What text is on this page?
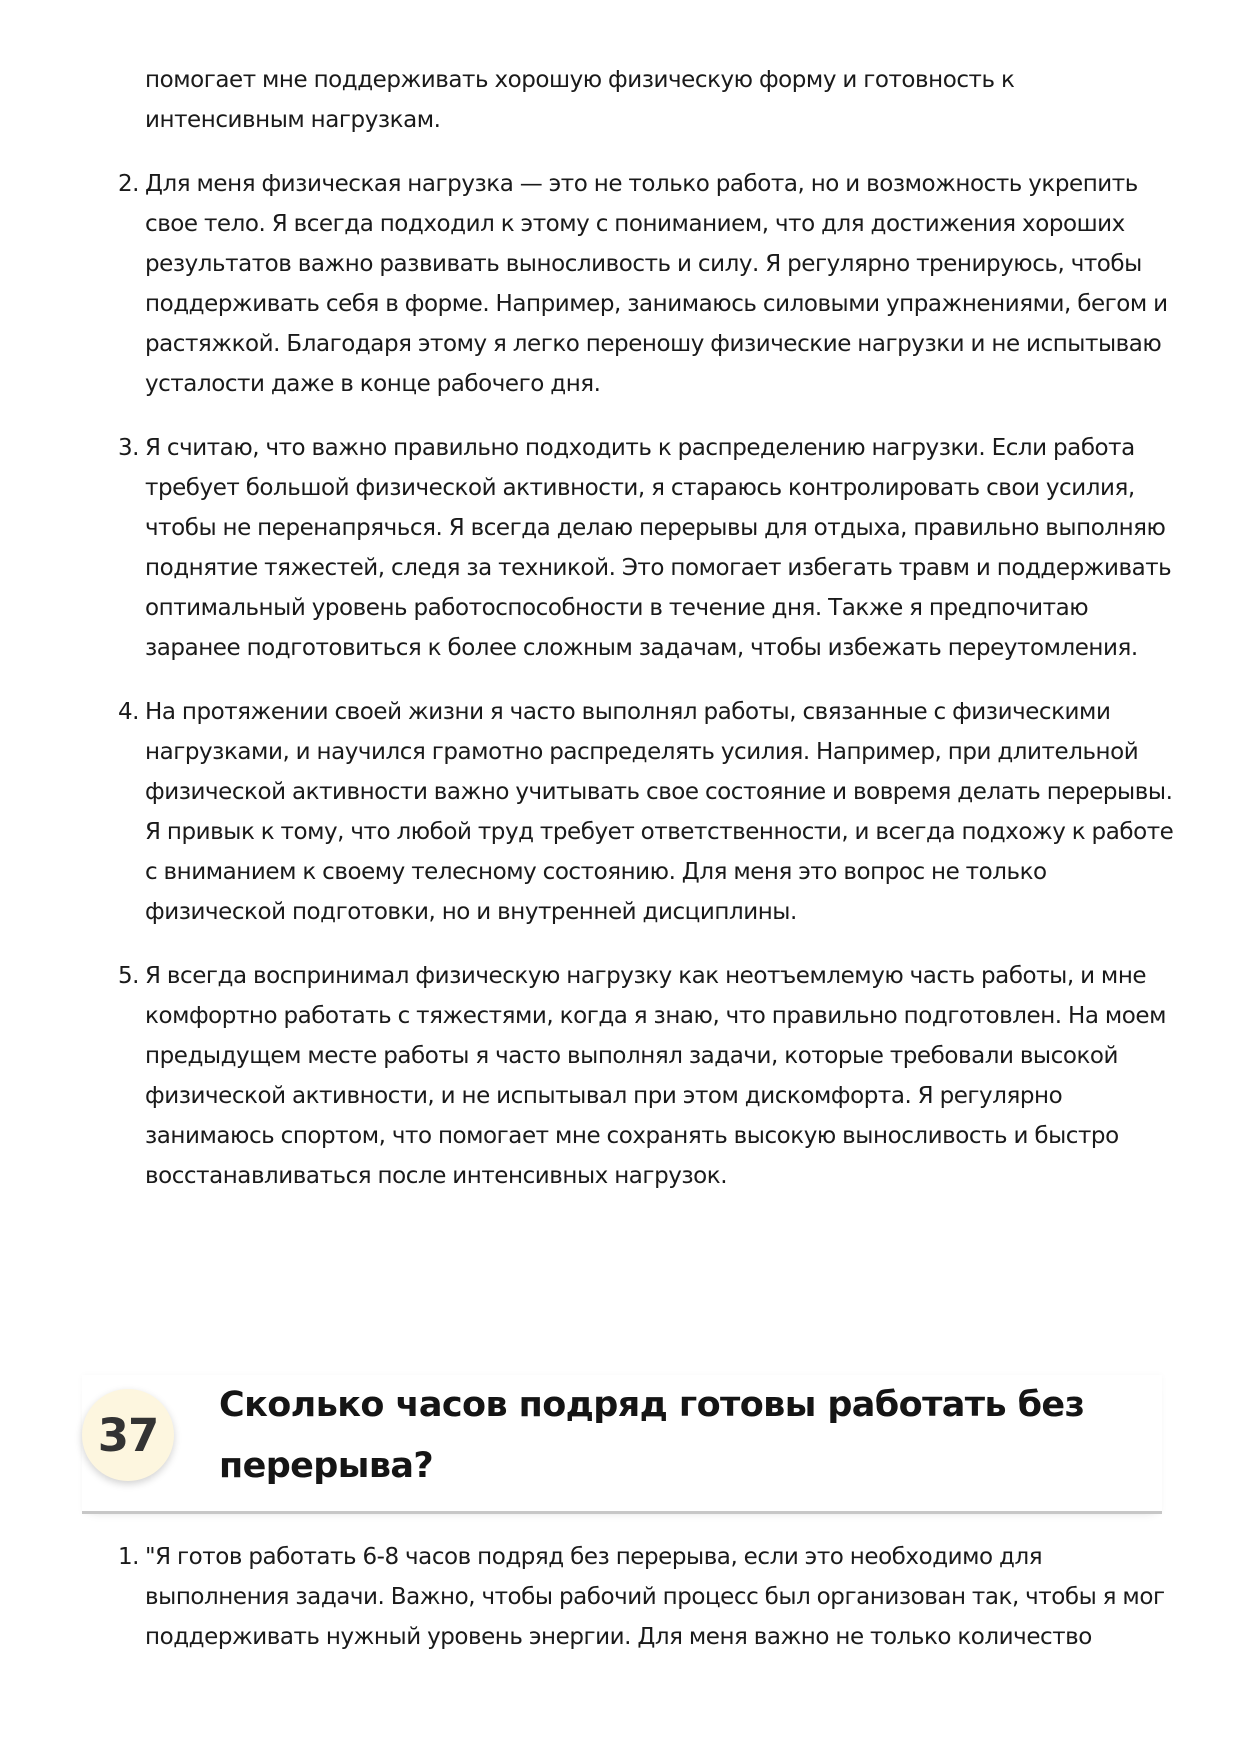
помогает мне поддерживать хорошую физическую форму и готовность к
интенсивным нагрузкам.
2. Для меня физическая нагрузка — это не только работа, но и возможность укрепить
свое тело. Я всегда подходил к этому с пониманием, что для достижения хороших
результатов важно развивать выносливость и силу. Я регулярно тренируюсь, чтобы
поддерживать себя в форме. Например, занимаюсь силовыми упражнениями, бегом и
растяжкой. Благодаря этому я легко переношу физические нагрузки и не испытываю
усталости даже в конце рабочего дня.
3. Я считаю, что важно правильно подходить к распределению нагрузки. Если работа
требует большой физической активности, я стараюсь контролировать свои усилия,
чтобы не перенапрячься. Я всегда делаю перерывы для отдыха, правильно выполняю
поднятие тяжестей, следя за техникой. Это помогает избегать травм и поддерживать
оптимальный уровень работоспособности в течение дня. Также я предпочитаю
заранее подготовиться к более сложным задачам, чтобы избежать переутомления.
4. На протяжении своей жизни я часто выполнял работы, связанные с физическими
нагрузками, и научился грамотно распределять усилия. Например, при длительной
физической активности важно учитывать свое состояние и вовремя делать перерывы.
Я привык к тому, что любой труд требует ответственности, и всегда подхожу к работе
с вниманием к своему телесному состоянию. Для меня это вопрос не только
физической подготовки, но и внутренней дисциплины.
5. Я всегда воспринимал физическую нагрузку как неотъемлемую часть работы, и мне
комфортно работать с тяжестями, когда я знаю, что правильно подготовлен. На моем
предыдущем месте работы я часто выполнял задачи, которые требовали высокой
физической активности, и не испытывал при этом дискомфорта. Я регулярно
занимаюсь спортом, что помогает мне сохранять высокую выносливость и быстро
восстанавливаться после интенсивных нагрузок.
37
Сколько часов подряд готовы работать без
перерыва?
1. "Я готов работать 6-8 часов подряд без перерыва, если это необходимо для
выполнения задачи. Важно, чтобы рабочий процесс был организован так, чтобы я мог
поддерживать нужный уровень энергии. Для меня важно не только количество
